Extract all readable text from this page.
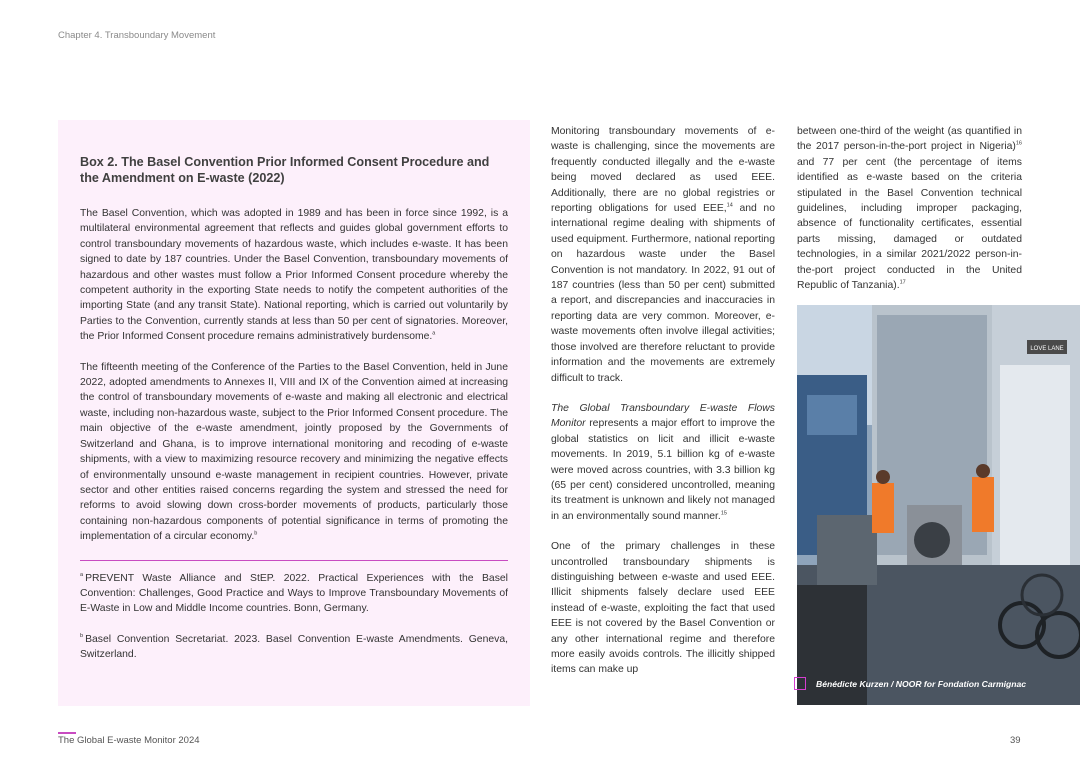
Chapter 4. Transboundary Movement
Box 2. The Basel Convention Prior Informed Consent Procedure and the Amendment on E-waste (2022)

The Basel Convention, which was adopted in 1989 and has been in force since 1992, is a multilateral environmental agreement that reflects and guides global government efforts to control transboundary movements of hazardous waste, which includes e-waste. It has been signed to date by 187 countries. Under the Basel Convention, transboundary movements of hazardous and other wastes must follow a Prior Informed Consent procedure whereby the competent authority in the exporting State needs to notify the competent authorities of the importing State (and any transit State). National reporting, which is carried out voluntarily by Parties to the Convention, currently stands at less than 50 per cent of signatories. Moreover, the Prior Informed Consent procedure remains administratively burdensome.$^a$

The fifteenth meeting of the Conference of the Parties to the Basel Convention, held in June 2022, adopted amendments to Annexes II, VIII and IX of the Convention aimed at increasing the control of transboundary movements of e-waste and making all electronic and electrical waste, including non-hazardous waste, subject to the Prior Informed Consent procedure. The main objective of the e-waste amendment, jointly proposed by the Governments of Switzerland and Ghana, is to improve international monitoring and recoding of e-waste shipments, with a view to maximizing resource recovery and minimizing the negative effects of environmentally unsound e-waste management in recipient countries. However, private sector and other entities raised concerns regarding the system and stressed the need for reforms to avoid slowing down cross-border movements of products, particularly those containing non-hazardous components of potential significance in terms of promoting the implementation of a circular economy.$^b$

$^a$ PREVENT Waste Alliance and StEP. 2022. Practical Experiences with the Basel Convention: Challenges, Good Practice and Ways to Improve Transboundary Movements of E-Waste in Low and Middle Income countries. Bonn, Germany.

$^b$ Basel Convention Secretariat. 2023. Basel Convention E-waste Amendments. Geneva, Switzerland.

Monitoring transboundary movements of e-waste is challenging, since the movements are frequently conducted illegally and the e-waste being moved declared as used EEE. Additionally, there are no global registries or reporting obligations for used EEE,$^{14}$ and no international regime dealing with shipments of used equipment. Furthermore, national reporting on hazardous waste under the Basel Convention is not mandatory. In 2022, 91 out of 187 countries (less than 50 per cent) submitted a report, and discrepancies and inaccuracies in reporting data are very common. Moreover, e-waste movements often involve illegal activities; those involved are therefore reluctant to provide information and the movements are extremely difficult to track.

The Global Transboundary E-waste Flows Monitor represents a major effort to improve the global statistics on licit and illicit e-waste movements. In 2019, 5.1 billion kg of e-waste were moved across countries, with 3.3 billion kg (65 per cent) considered uncontrolled, meaning its treatment is unknown and likely not managed in an environmentally sound manner.$^{15}$

One of the primary challenges in these uncontrolled transboundary shipments is distinguishing between e-waste and used EEE. Illicit shipments falsely declare used EEE instead of e-waste, exploiting the fact that used EEE is not covered by the Basel Convention or any other international regime and therefore more easily avoids controls. The illicitly shipped items can make up

between one-third of the weight (as quantified in the 2017 person-in-the-port project in Nigeria)$^{16}$ and 77 per cent (the percentage of items identified as e-waste based on the criteria stipulated in the Basel Convention technical guidelines, including improper packaging, absence of functionality certificates, essential parts missing, damaged or outdated technologies, in a similar 2021/2022 person-in-the-port project conducted in the United Republic of Tanzania).$^{17}$

LOVE LANE
Bénédicte Kurzen / NOOR for Fondation Carmignac
The Global E-waste Monitor 2024	39
